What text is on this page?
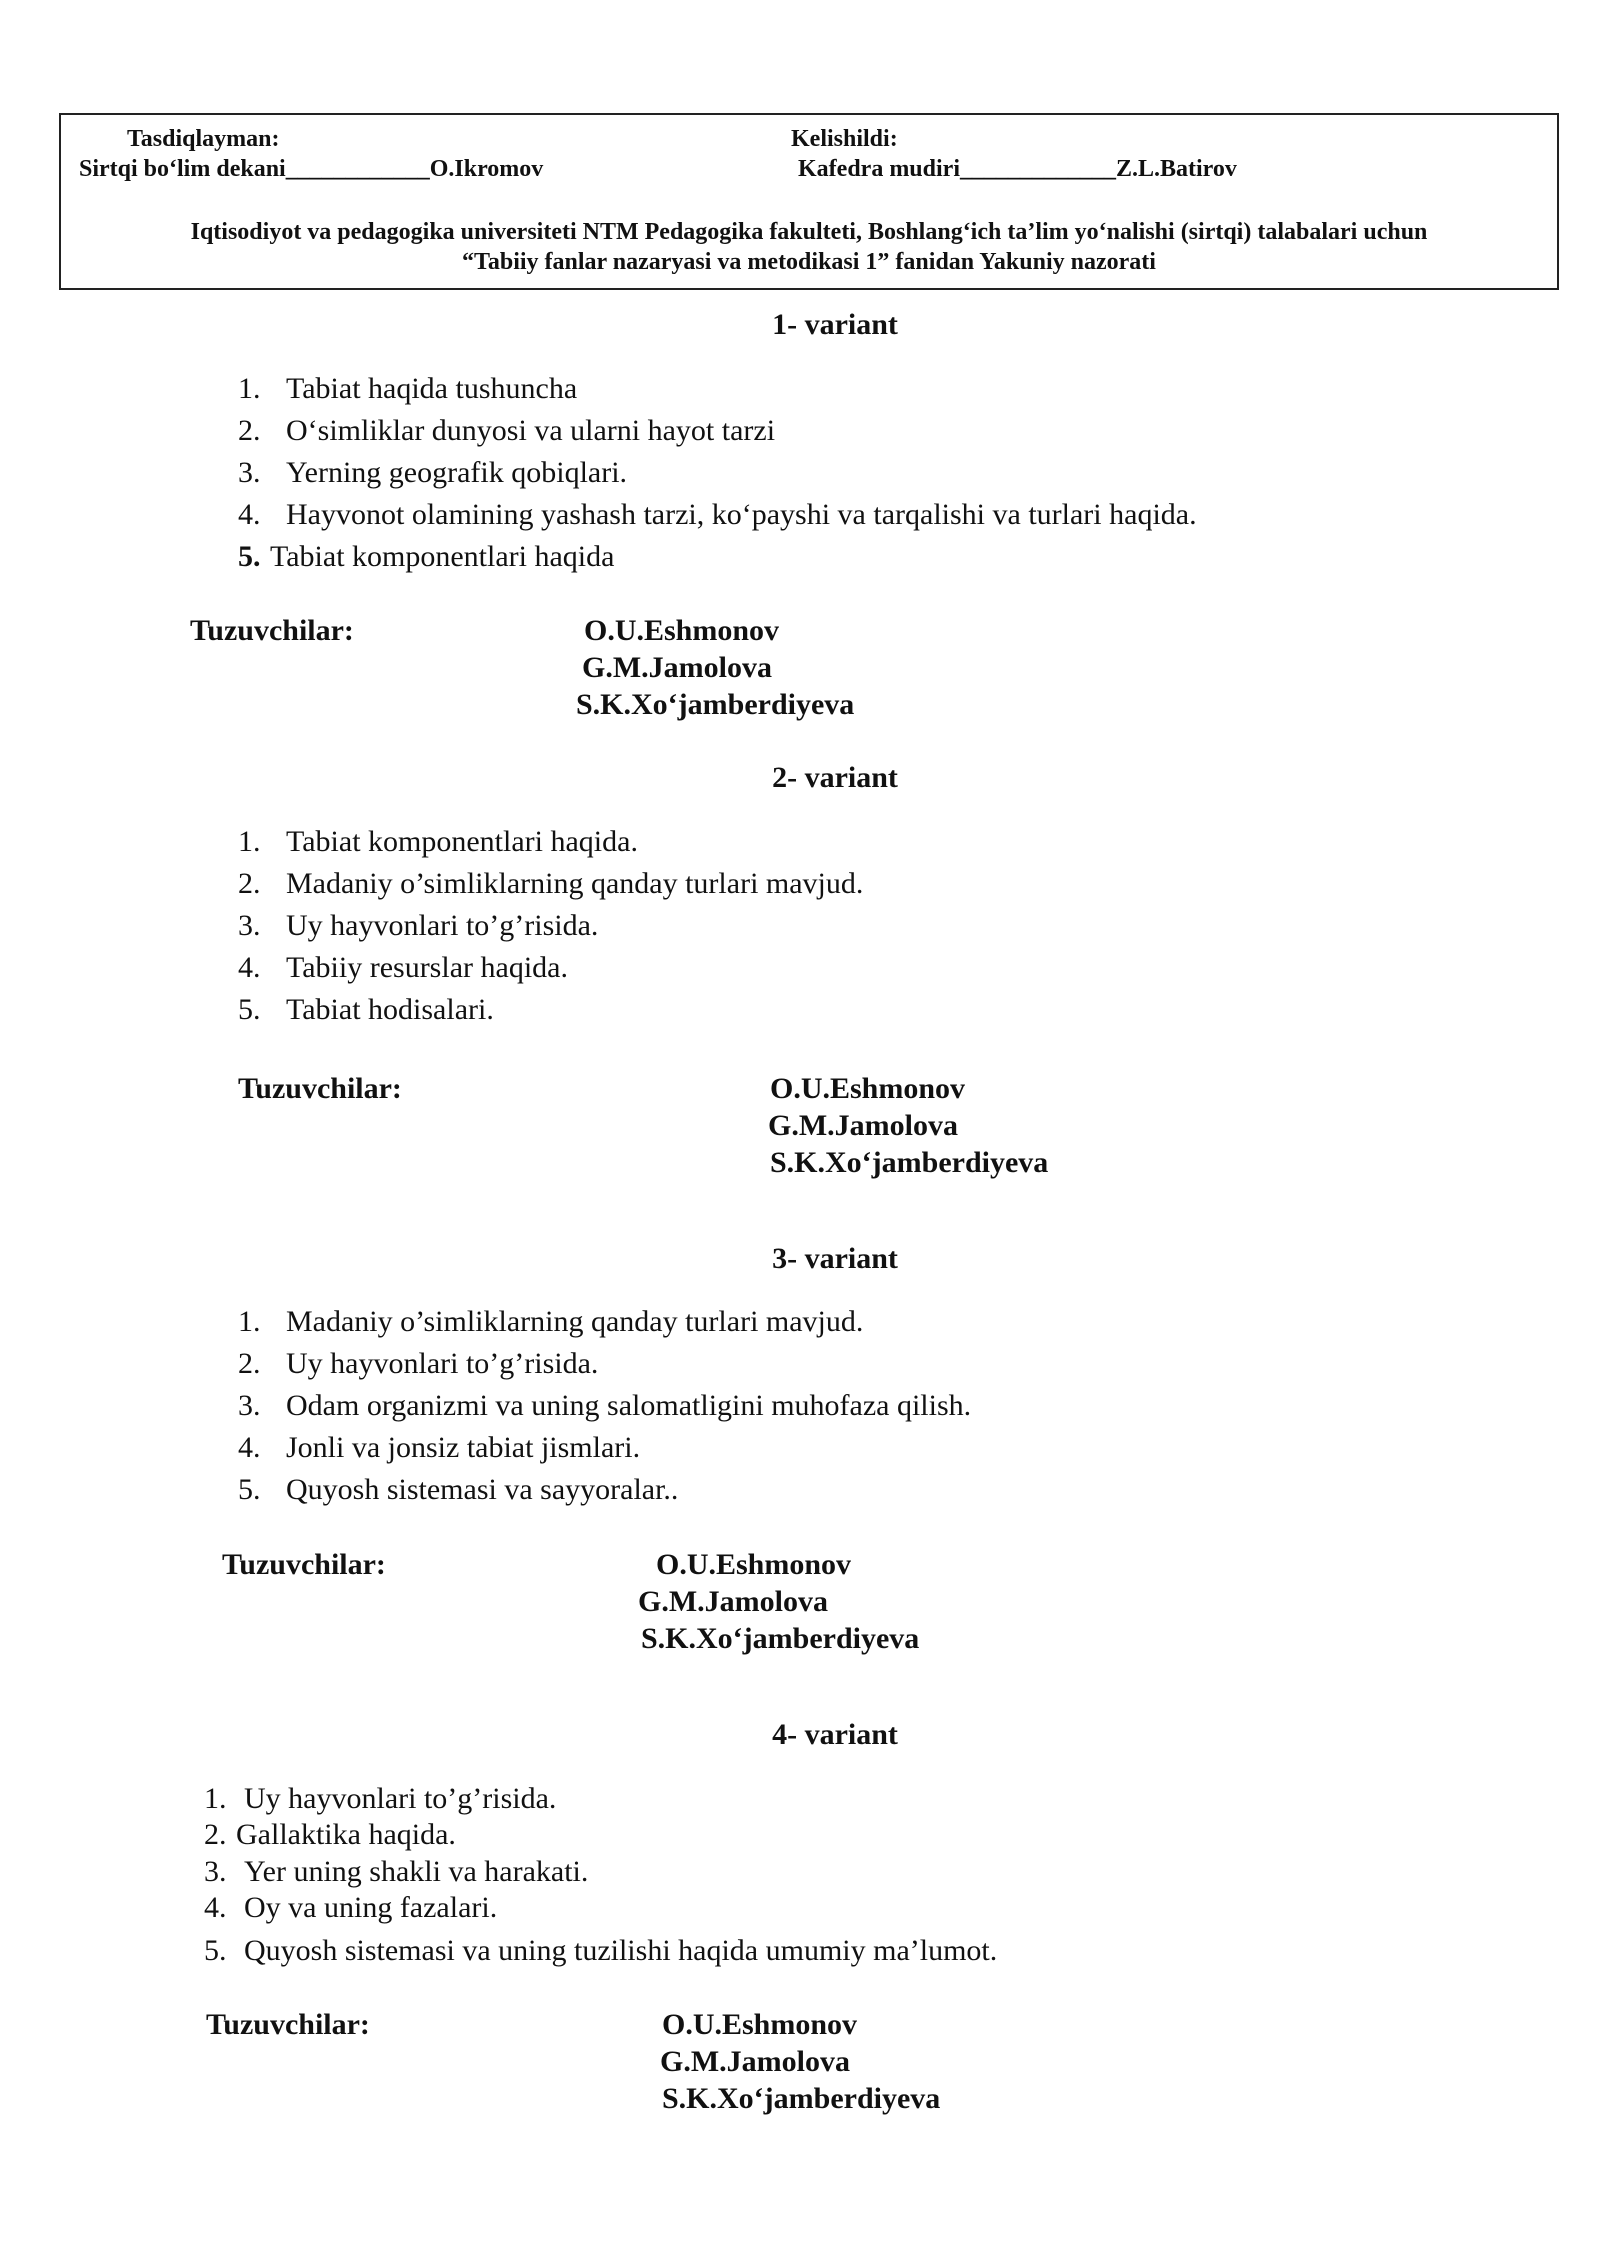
Tasdiqlayman:
Sirtqi bo‘lim dekani____________O.Ikromov
Kelishildi:
Kafedra mudiri_____________Z.L.Batirov
Iqtisodiyot va pedagogika universiteti NTM Pedagogika fakulteti, Boshlang‘ich ta’lim yo‘nalishi (sirtqi) talabalari uchun
“Tabiiy fanlar nazaryasi va metodikasi 1” fanidan Yakuniy nazorati
1- variant
1. Tabiat haqida tushuncha
2. O‘simliklar dunyosi va ularni hayot tarzi
3. Yerning geografik qobiqlari.
4. Hayvonot olamining yashash tarzi, ko‘payshi va tarqalishi va turlari haqida.
5. Tabiat komponentlari haqida
Tuzuvchilar:	O.U.Eshmonov
G.M.Jamolova
S.K.Xo‘jamberdiyeva
2- variant
1. Tabiat komponentlari haqida.
2. Madaniy o’simliklarning qanday turlari mavjud.
3. Uy hayvonlari to’g’risida.
4. Tabiiy resurslar haqida.
5. Tabiat hodisalari.
Tuzuvchilar:	O.U.Eshmonov
G.M.Jamolova
S.K.Xo‘jamberdiyeva
3- variant
1. Madaniy o’simliklarning qanday turlari mavjud.
2. Uy hayvonlari to’g’risida.
3. Odam organizmi va uning salomatligini muhofaza qilish.
4. Jonli va jonsiz tabiat jismlari.
5. Quyosh sistemasi va sayyoralar..
Tuzuvchilar:	O.U.Eshmonov
G.M.Jamolova
S.K.Xo‘jamberdiyeva
4- variant
1. Uy hayvonlari to’g’risida.
2. Gallaktika haqida.
3. Yer uning shakli va harakati.
4. Oy va uning fazalari.
5. Quyosh sistemasi va uning tuzilishi haqida umumiy ma’lumot.
Tuzuvchilar:	O.U.Eshmonov
G.M.Jamolova
S.K.Xo‘jamberdiyeva
